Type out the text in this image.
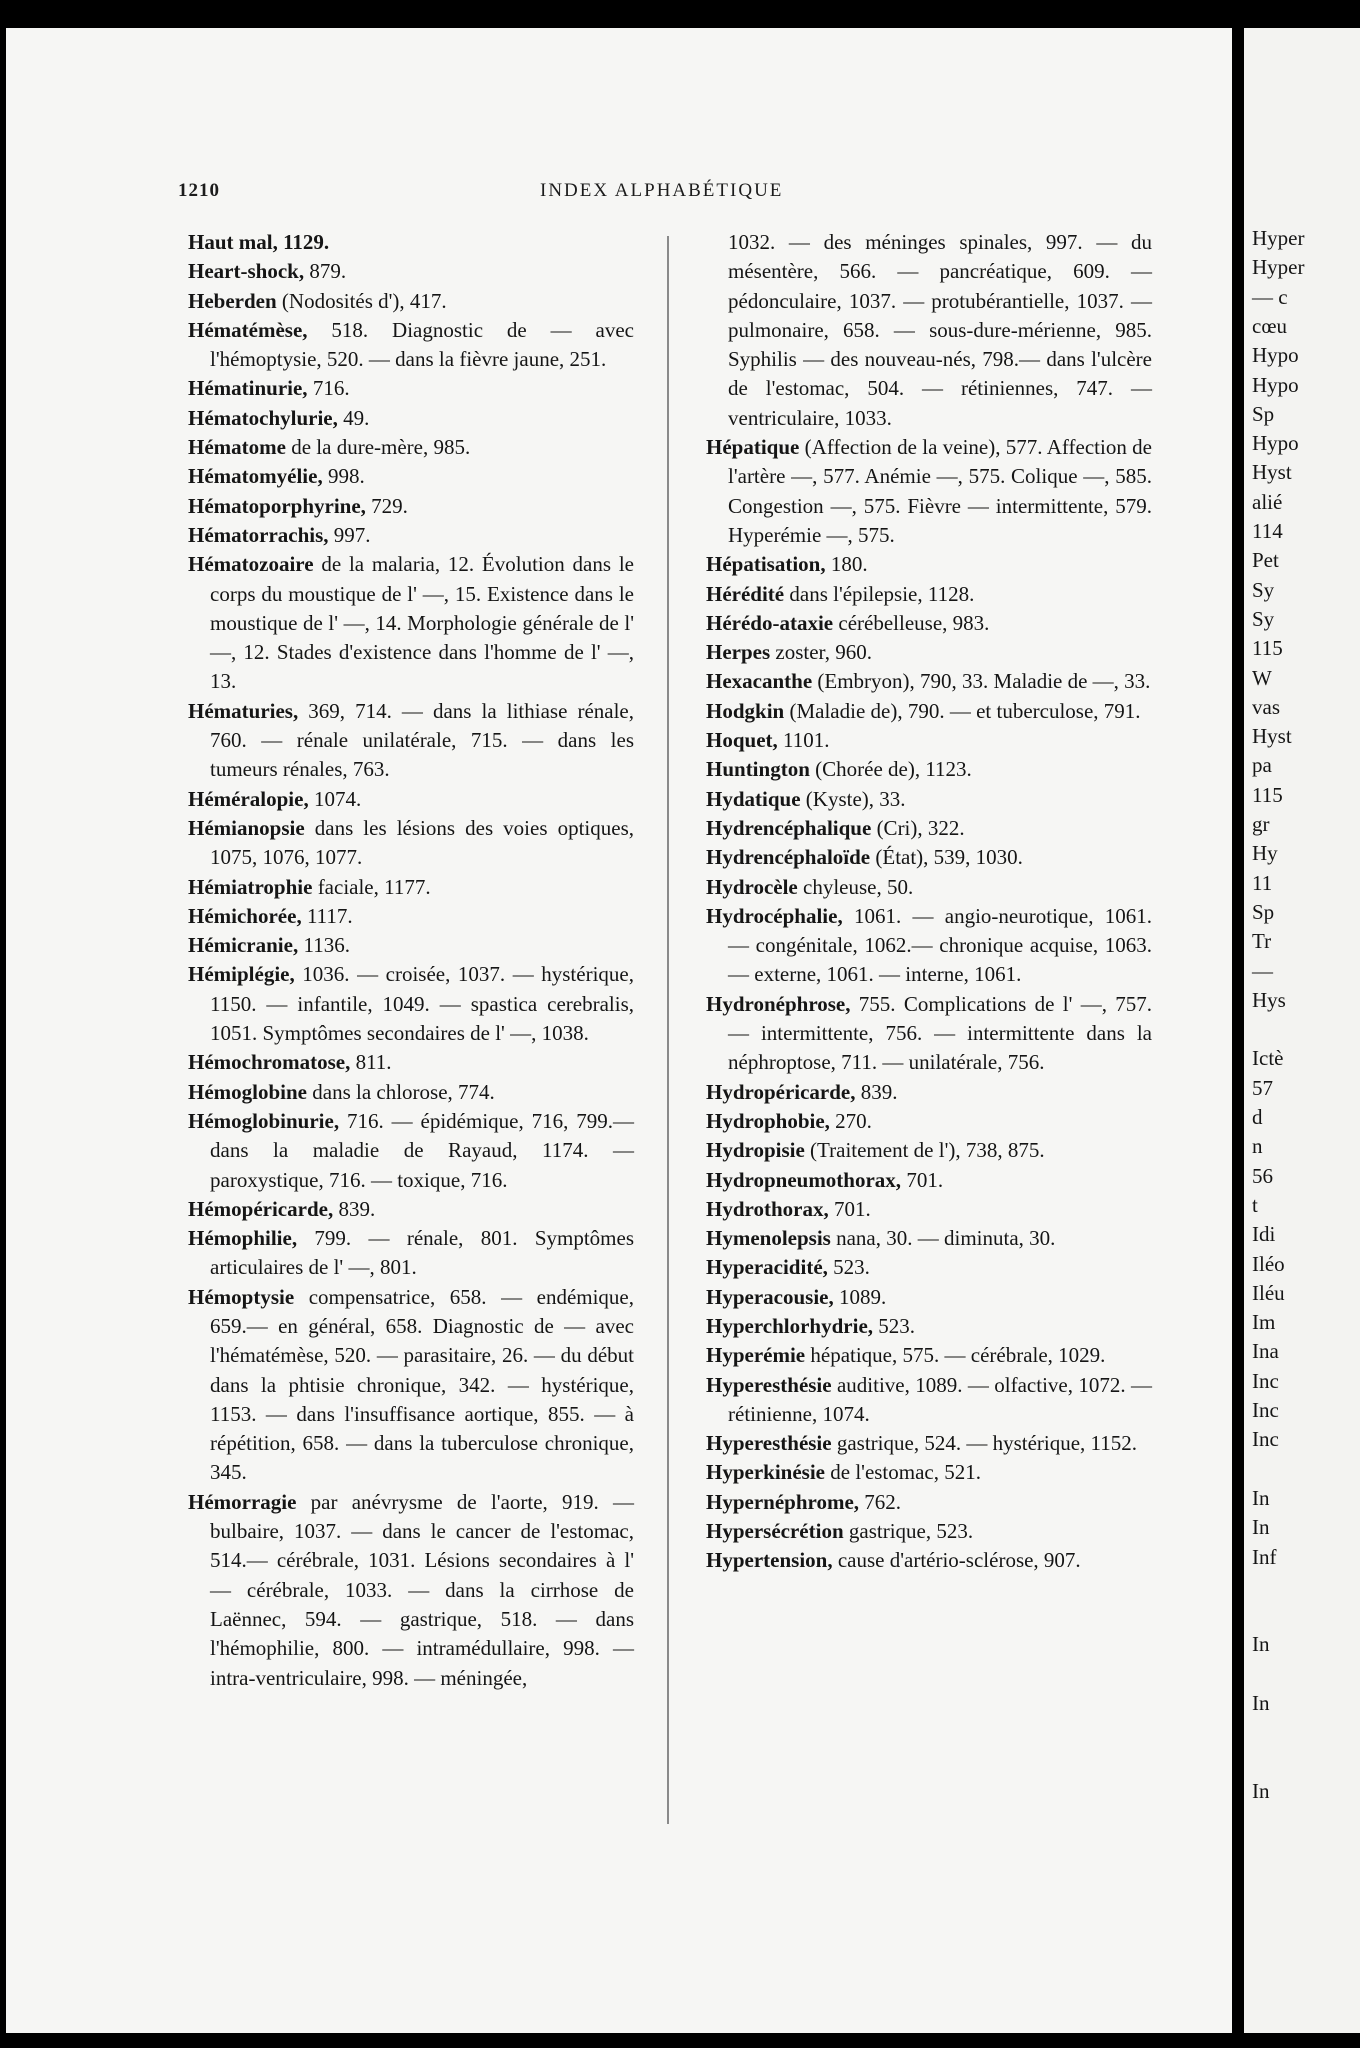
Hyper
Hyper
— c
cœu
Hypo
Hypo
Sp
Hypo
Hyst
alié
114
Pet
Sy
Sy
115
W
vas
Hyst
pa
115
gr
Hy
11
Sp
Tr
—
Hys
Ictè
57
d
n
56
t
Idi
Iléo
Iléu
Im
Ina
Inc
Inc
Inc
In
In
Inf
In
In
In
1210	INDEX ALPHABÉTIQUE

Haut mal, 1129.

Heart-shock, 879.

Heberden (Nodosités d'), 417.

Hématémèse, 518. Diagnostic de — avec l'hémoptysie, 520. — dans la fièvre jaune, 251.

Hématinurie, 716.

Hématochylurie, 49.

Hématome de la dure-mère, 985.

Hématomyélie, 998.

Hématoporphyrine, 729.

Hématorrachis, 997.

Hématozoaire de la malaria, 12. Évolution dans le corps du moustique de l' —, 15. Existence dans le moustique de l' —, 14. Morphologie générale de l' —, 12. Stades d'existence dans l'homme de l' —, 13.

Hématuries, 369, 714. — dans la lithiase rénale, 760. — rénale unilatérale, 715. — dans les tumeurs rénales, 763.

Héméralopie, 1074.

Hémianopsie dans les lésions des voies optiques, 1075, 1076, 1077.

Hémiatrophie faciale, 1177.

Hémichorée, 1117.

Hémicranie, 1136.

Hémiplégie, 1036. — croisée, 1037. — hystérique, 1150. — infantile, 1049. — spastica cerebralis, 1051. Symptômes secondaires de l' —, 1038.

Hémochromatose, 811.

Hémoglobine dans la chlorose, 774.

Hémoglobinurie, 716. — épidémique, 716, 799.— dans la maladie de Rayaud, 1174. — paroxystique, 716. — toxique, 716.

Hémopéricarde, 839.

Hémophilie, 799. — rénale, 801. Symptômes articulaires de l' —, 801.

Hémoptysie compensatrice, 658. — endémique, 659.— en général, 658. Diagnostic de — avec l'hématémèse, 520. — parasitaire, 26. — du début dans la phtisie chronique, 342. — hystérique, 1153. — dans l'insuffisance aortique, 855. — à répétition, 658. — dans la tuberculose chronique, 345.

Hémorragie par anévrysme de l'aorte, 919. — bulbaire, 1037. — dans le cancer de l'estomac, 514.— cérébrale, 1031. Lésions secondaires à l' — cérébrale, 1033. — dans la cirrhose de Laënnec, 594. — gastrique, 518. — dans l'hémophilie, 800. — intramédullaire, 998. — intra-ventriculaire, 998. — méningée,

1032. — des méninges spinales, 997. — du mésentère, 566. — pancréatique, 609. — pédonculaire, 1037. — protubérantielle, 1037. — pulmonaire, 658. — sous-dure-mérienne, 985. Syphilis — des nouveau-nés, 798.— dans l'ulcère de l'estomac, 504. — rétiniennes, 747. — ventriculaire, 1033.

Hépatique (Affection de la veine), 577. Affection de l'artère —, 577. Anémie —, 575. Colique —, 585. Congestion —, 575. Fièvre — intermittente, 579. Hyperémie —, 575.

Hépatisation, 180.

Hérédité dans l'épilepsie, 1128.

Hérédo-ataxie cérébelleuse, 983.

Herpes zoster, 960.

Hexacanthe (Embryon), 790, 33. Maladie de —, 33.

Hodgkin (Maladie de), 790. — et tuberculose, 791.

Hoquet, 1101.

Huntington (Chorée de), 1123.

Hydatique (Kyste), 33.

Hydrencéphalique (Cri), 322.

Hydrencéphaloïde (État), 539, 1030.

Hydrocèle chyleuse, 50.

Hydrocéphalie, 1061. — angio-neurotique, 1061. — congénitale, 1062.— chronique acquise, 1063. — externe, 1061. — interne, 1061.

Hydronéphrose, 755. Complications de l' —, 757. — intermittente, 756. — intermittente dans la néphroptose, 711. — unilatérale, 756.

Hydropéricarde, 839.

Hydrophobie, 270.

Hydropisie (Traitement de l'), 738, 875.

Hydropneumothorax, 701.

Hydrothorax, 701.

Hymenolepsis nana, 30. — diminuta, 30.

Hyperacidité, 523.

Hyperacousie, 1089.

Hyperchlorhydrie, 523.

Hyperémie hépatique, 575. — cérébrale, 1029.

Hyperesthésie auditive, 1089. — olfactive, 1072. — rétinienne, 1074.

Hyperesthésie gastrique, 524. — hystérique, 1152.

Hyperkinésie de l'estomac, 521.

Hypernéphrome, 762.

Hypersécrétion gastrique, 523.

Hypertension, cause d'artério-sclérose, 907.
